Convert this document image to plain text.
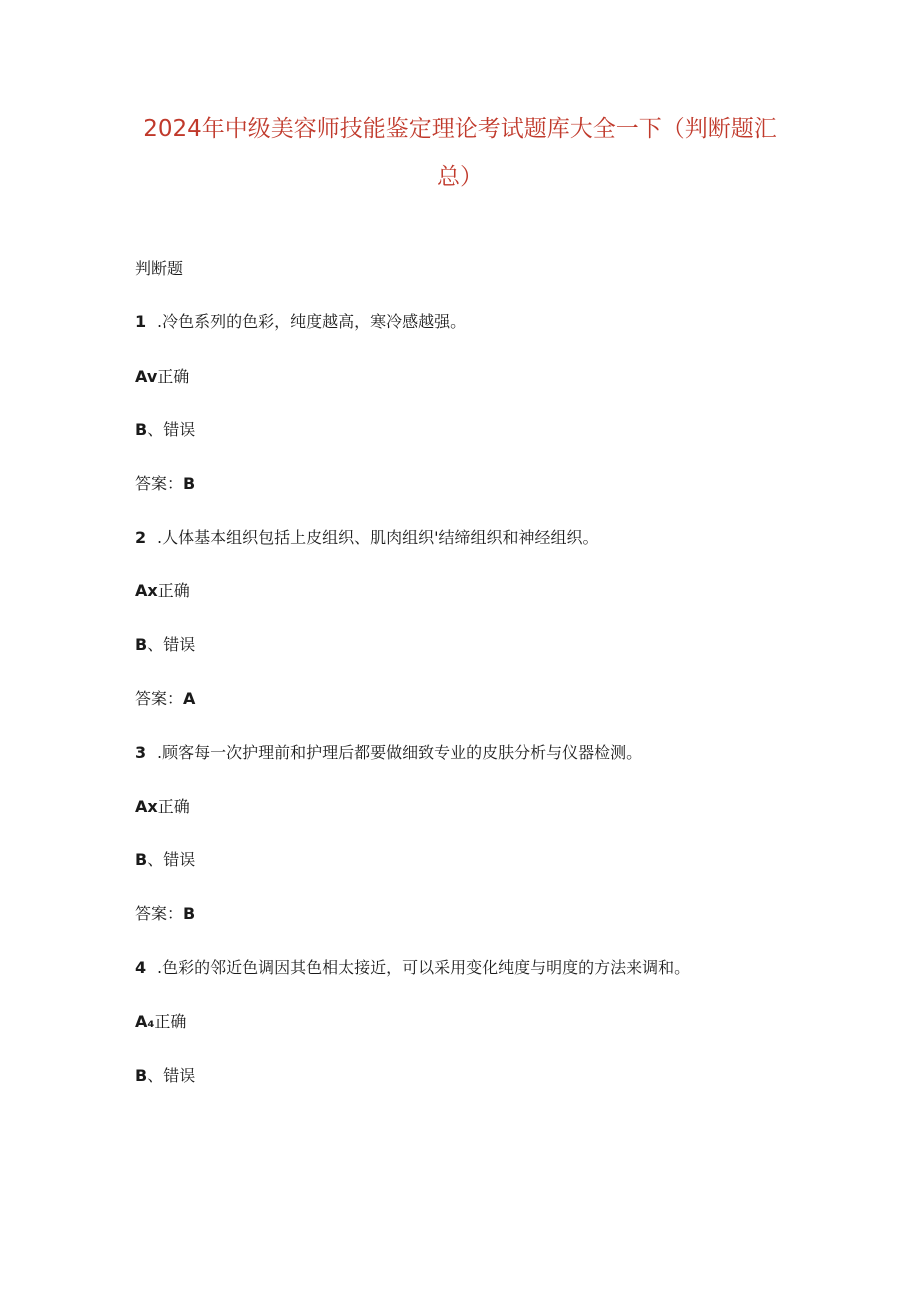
2024年中级美容师技能鉴定理论考试题库大全一下（判断题汇
总）

判断题

1 .冷色系列的色彩，纯度越高，寒冷感越强。

Av正确

B、错误

答案：B

2 .人体基本组织包括上皮组织、肌肉组织'结缔组织和神经组织。

Ax正确

B、错误

答案：A

3 .顾客每一次护理前和护理后都要做细致专业的皮肤分析与仪器检测。

Ax正确

B、错误

答案：B

4 .色彩的邻近色调因其色相太接近，可以采用变化纯度与明度的方法来调和。

A₄正确

B、错误
